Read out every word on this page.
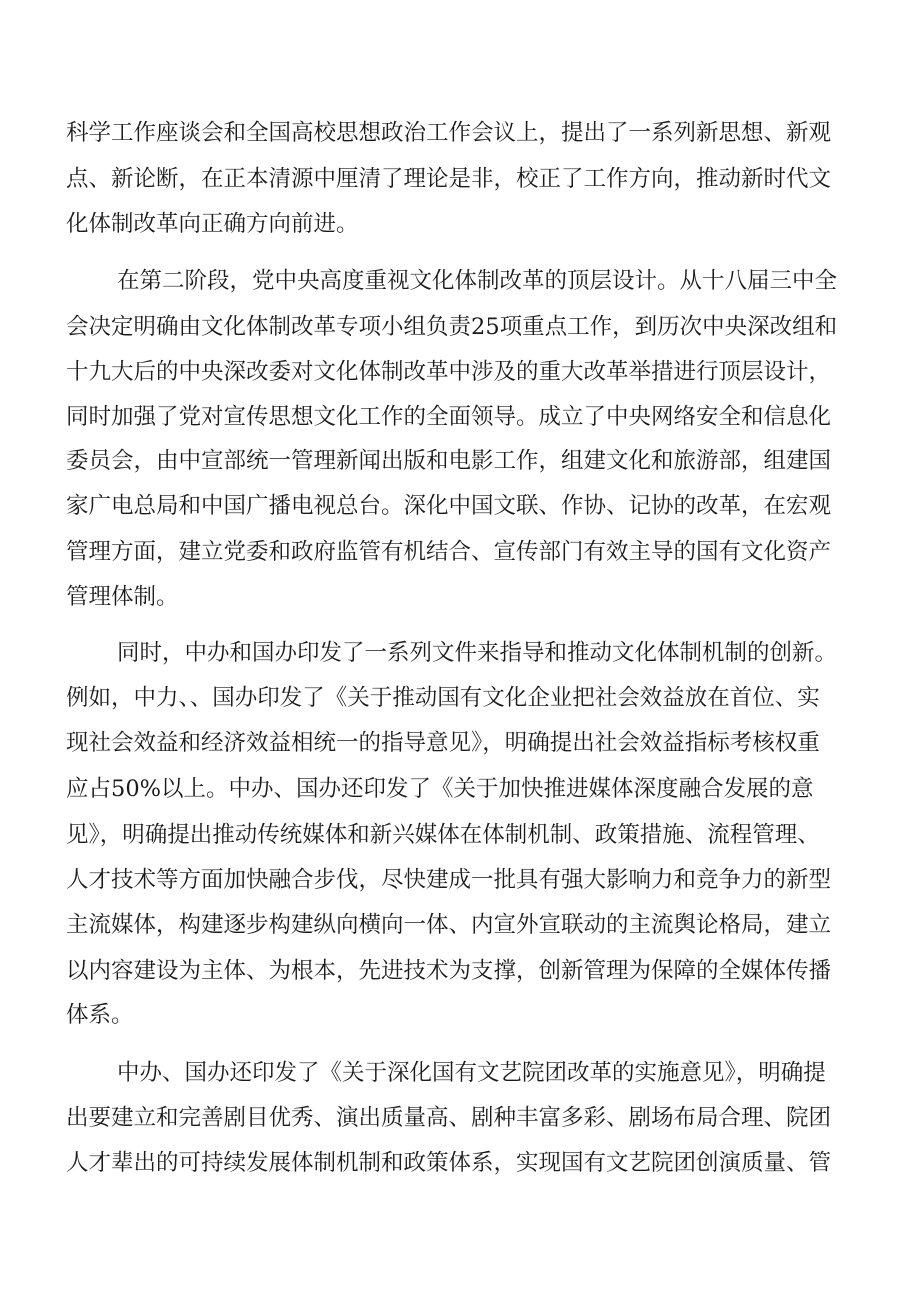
科学工作座谈会和全国高校思想政治工作会议上，提出了一系列新思想、新观
点、新论断，在正本清源中厘清了理论是非，校正了工作方向，推动新时代文
化体制改革向正确方向前进。
在第二阶段，党中央高度重视文化体制改革的顶层设计。从十八届三中全
会决定明确由文化体制改革专项小组负责25项重点工作，到历次中央深改组和
十九大后的中央深改委对文化体制改革中涉及的重大改革举措进行顶层设计，
同时加强了党对宣传思想文化工作的全面领导。成立了中央网络安全和信息化
委员会，由中宣部统一管理新闻出版和电影工作，组建文化和旅游部，组建国
家广电总局和中国广播电视总台。深化中国文联、作协、记协的改革，在宏观
管理方面，建立党委和政府监管有机结合、宣传部门有效主导的国有文化资产
管理体制。
同时，中办和国办印发了一系列文件来指导和推动文化体制机制的创新。
例如，中力、、国办印发了《关于推动国有文化企业把社会效益放在首位、实
现社会效益和经济效益相统一的指导意见》，明确提出社会效益指标考核权重
应占50%以上。中办、国办还印发了《关于加快推进媒体深度融合发展的意
见》，明确提出推动传统媒体和新兴媒体在体制机制、政策措施、流程管理、
人才技术等方面加快融合步伐，尽快建成一批具有强大影响力和竞争力的新型
主流媒体，构建逐步构建纵向横向一体、内宣外宣联动的主流舆论格局，建立
以内容建设为主体、为根本，先进技术为支撑，创新管理为保障的全媒体传播
体系。
中办、国办还印发了《关于深化国有文艺院团改革的实施意见》，明确提
出要建立和完善剧目优秀、演出质量高、剧种丰富多彩、剧场布局合理、院团
人才辈出的可持续发展体制机制和政策体系，实现国有文艺院团创演质量、管
